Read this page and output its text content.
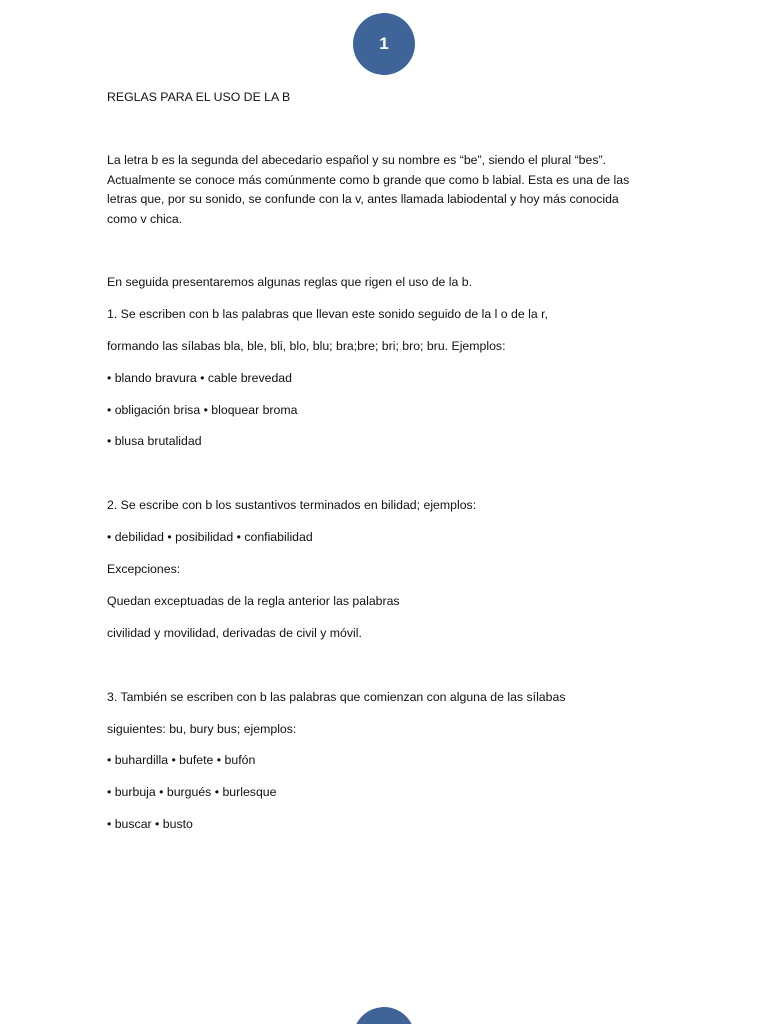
1
REGLAS PARA EL USO DE LA B
La letra b es la segunda del abecedario español y su nombre es “be”, siendo el plural “bes”.
Actualmente se conoce más comúnmente como b grande que como b labial. Esta es una de las
letras que, por su sonido, se confunde con la v, antes llamada labiodental y hoy más conocida
como v chica.
En seguida presentaremos algunas reglas que rigen el uso de la b.
1. Se escriben con b las palabras que llevan este sonido seguido de la l o de la r,
formando las sílabas bla, ble, bli, blo, blu; bra;bre; bri; bro; bru. Ejemplos:
• blando bravura • cable brevedad
• obligación brisa • bloquear broma
• blusa brutalidad
2. Se escribe con b los sustantivos terminados en bilidad; ejemplos:
• debilidad • posibilidad • confiabilidad
Excepciones:
Quedan exceptuadas de la regla anterior las palabras
civilidad y movilidad, derivadas de civil y móvil.
3. También se escriben con b las palabras que comienzan con alguna de las sílabas
siguientes: bu, bury bus; ejemplos:
• buhardilla • bufete • bufón
• burbuja • burgués • burlesque
• buscar • busto
